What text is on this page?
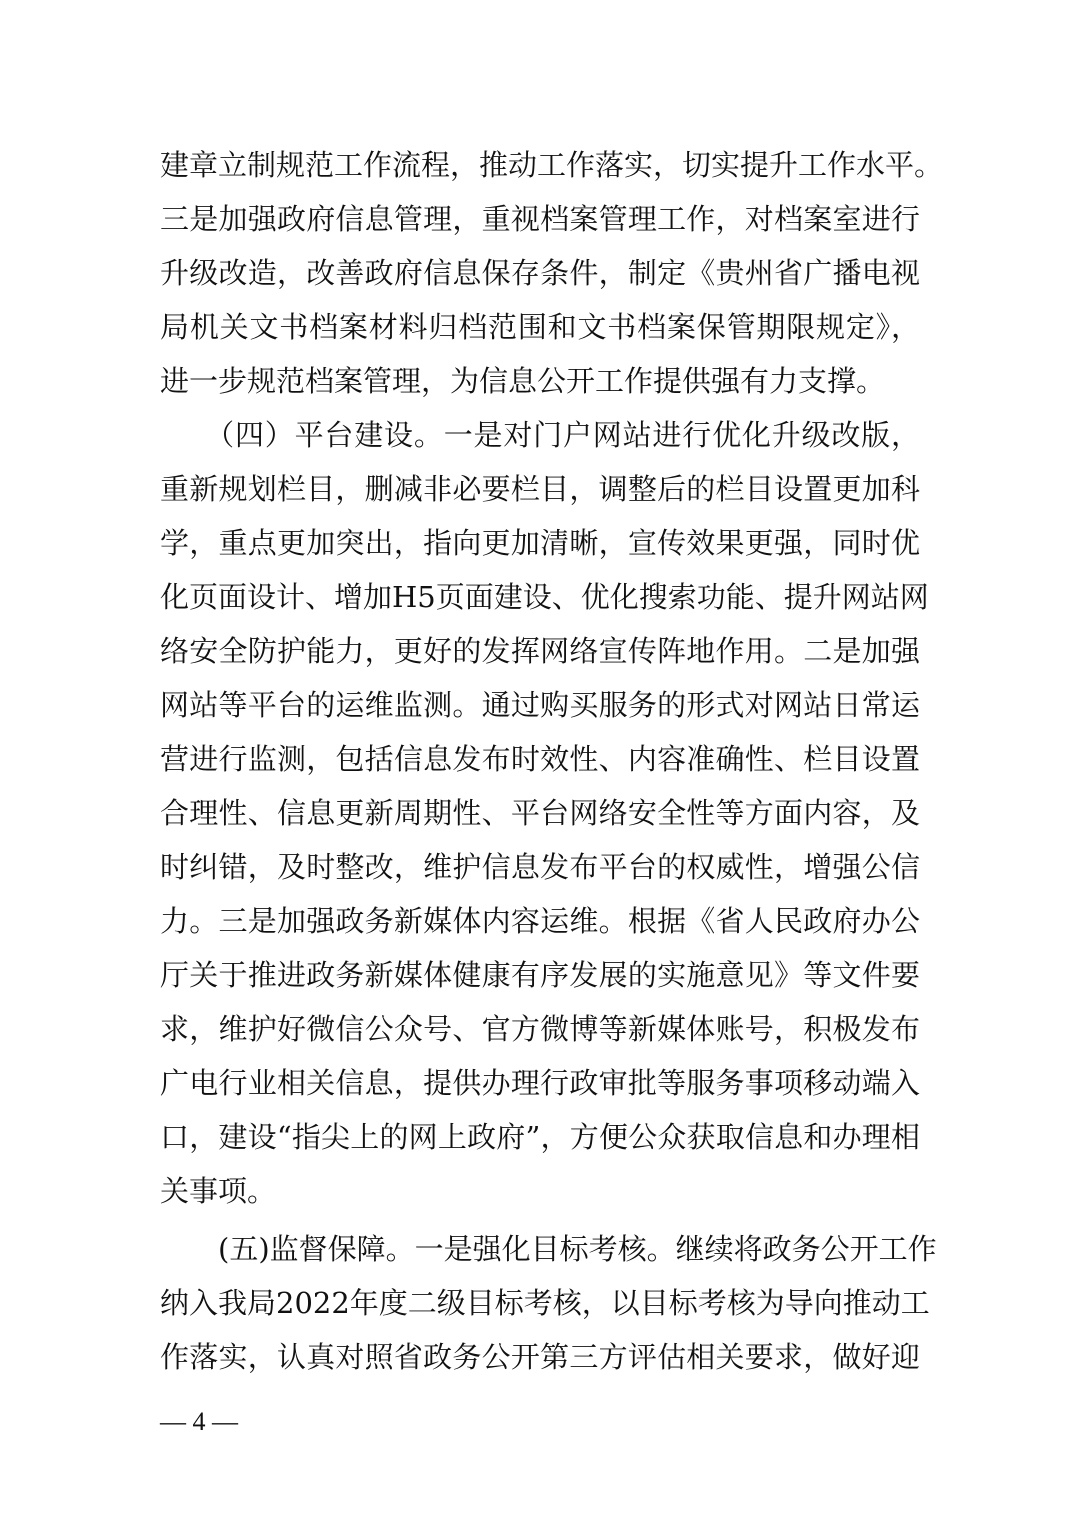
建章立制规范工作流程，推动工作落实，切实提升工作水平。
三是加强政府信息管理，重视档案管理工作，对档案室进行
升级改造，改善政府信息保存条件，制定《贵州省广播电视
局机关文书档案材料归档范围和文书档案保管期限规定》，
进一步规范档案管理，为信息公开工作提供强有力支撑。
　　（四）平台建设。一是对门户网站进行优化升级改版，
重新规划栏目，删减非必要栏目，调整后的栏目设置更加科
学，重点更加突出，指向更加清晰，宣传效果更强，同时优
化页面设计、增加H5页面建设、优化搜索功能、提升网站网
络安全防护能力，更好的发挥网络宣传阵地作用。二是加强
网站等平台的运维监测。通过购买服务的形式对网站日常运
营进行监测，包括信息发布时效性、内容准确性、栏目设置
合理性、信息更新周期性、平台网络安全性等方面内容，及
时纠错，及时整改，维护信息发布平台的权威性，增强公信
力。三是加强政务新媒体内容运维。根据《省人民政府办公
厅关于推进政务新媒体健康有序发展的实施意见》等文件要
求，维护好微信公众号、官方微博等新媒体账号，积极发布
广电行业相关信息，提供办理行政审批等服务事项移动端入
口，建设“指尖上的网上政府”，方便公众获取信息和办理相
关事项。
　　(五)监督保障。一是强化目标考核。继续将政务公开工作
纳入我局2022年度二级目标考核，以目标考核为导向推动工
作落实，认真对照省政务公开第三方评估相关要求，做好迎
— 4 —
